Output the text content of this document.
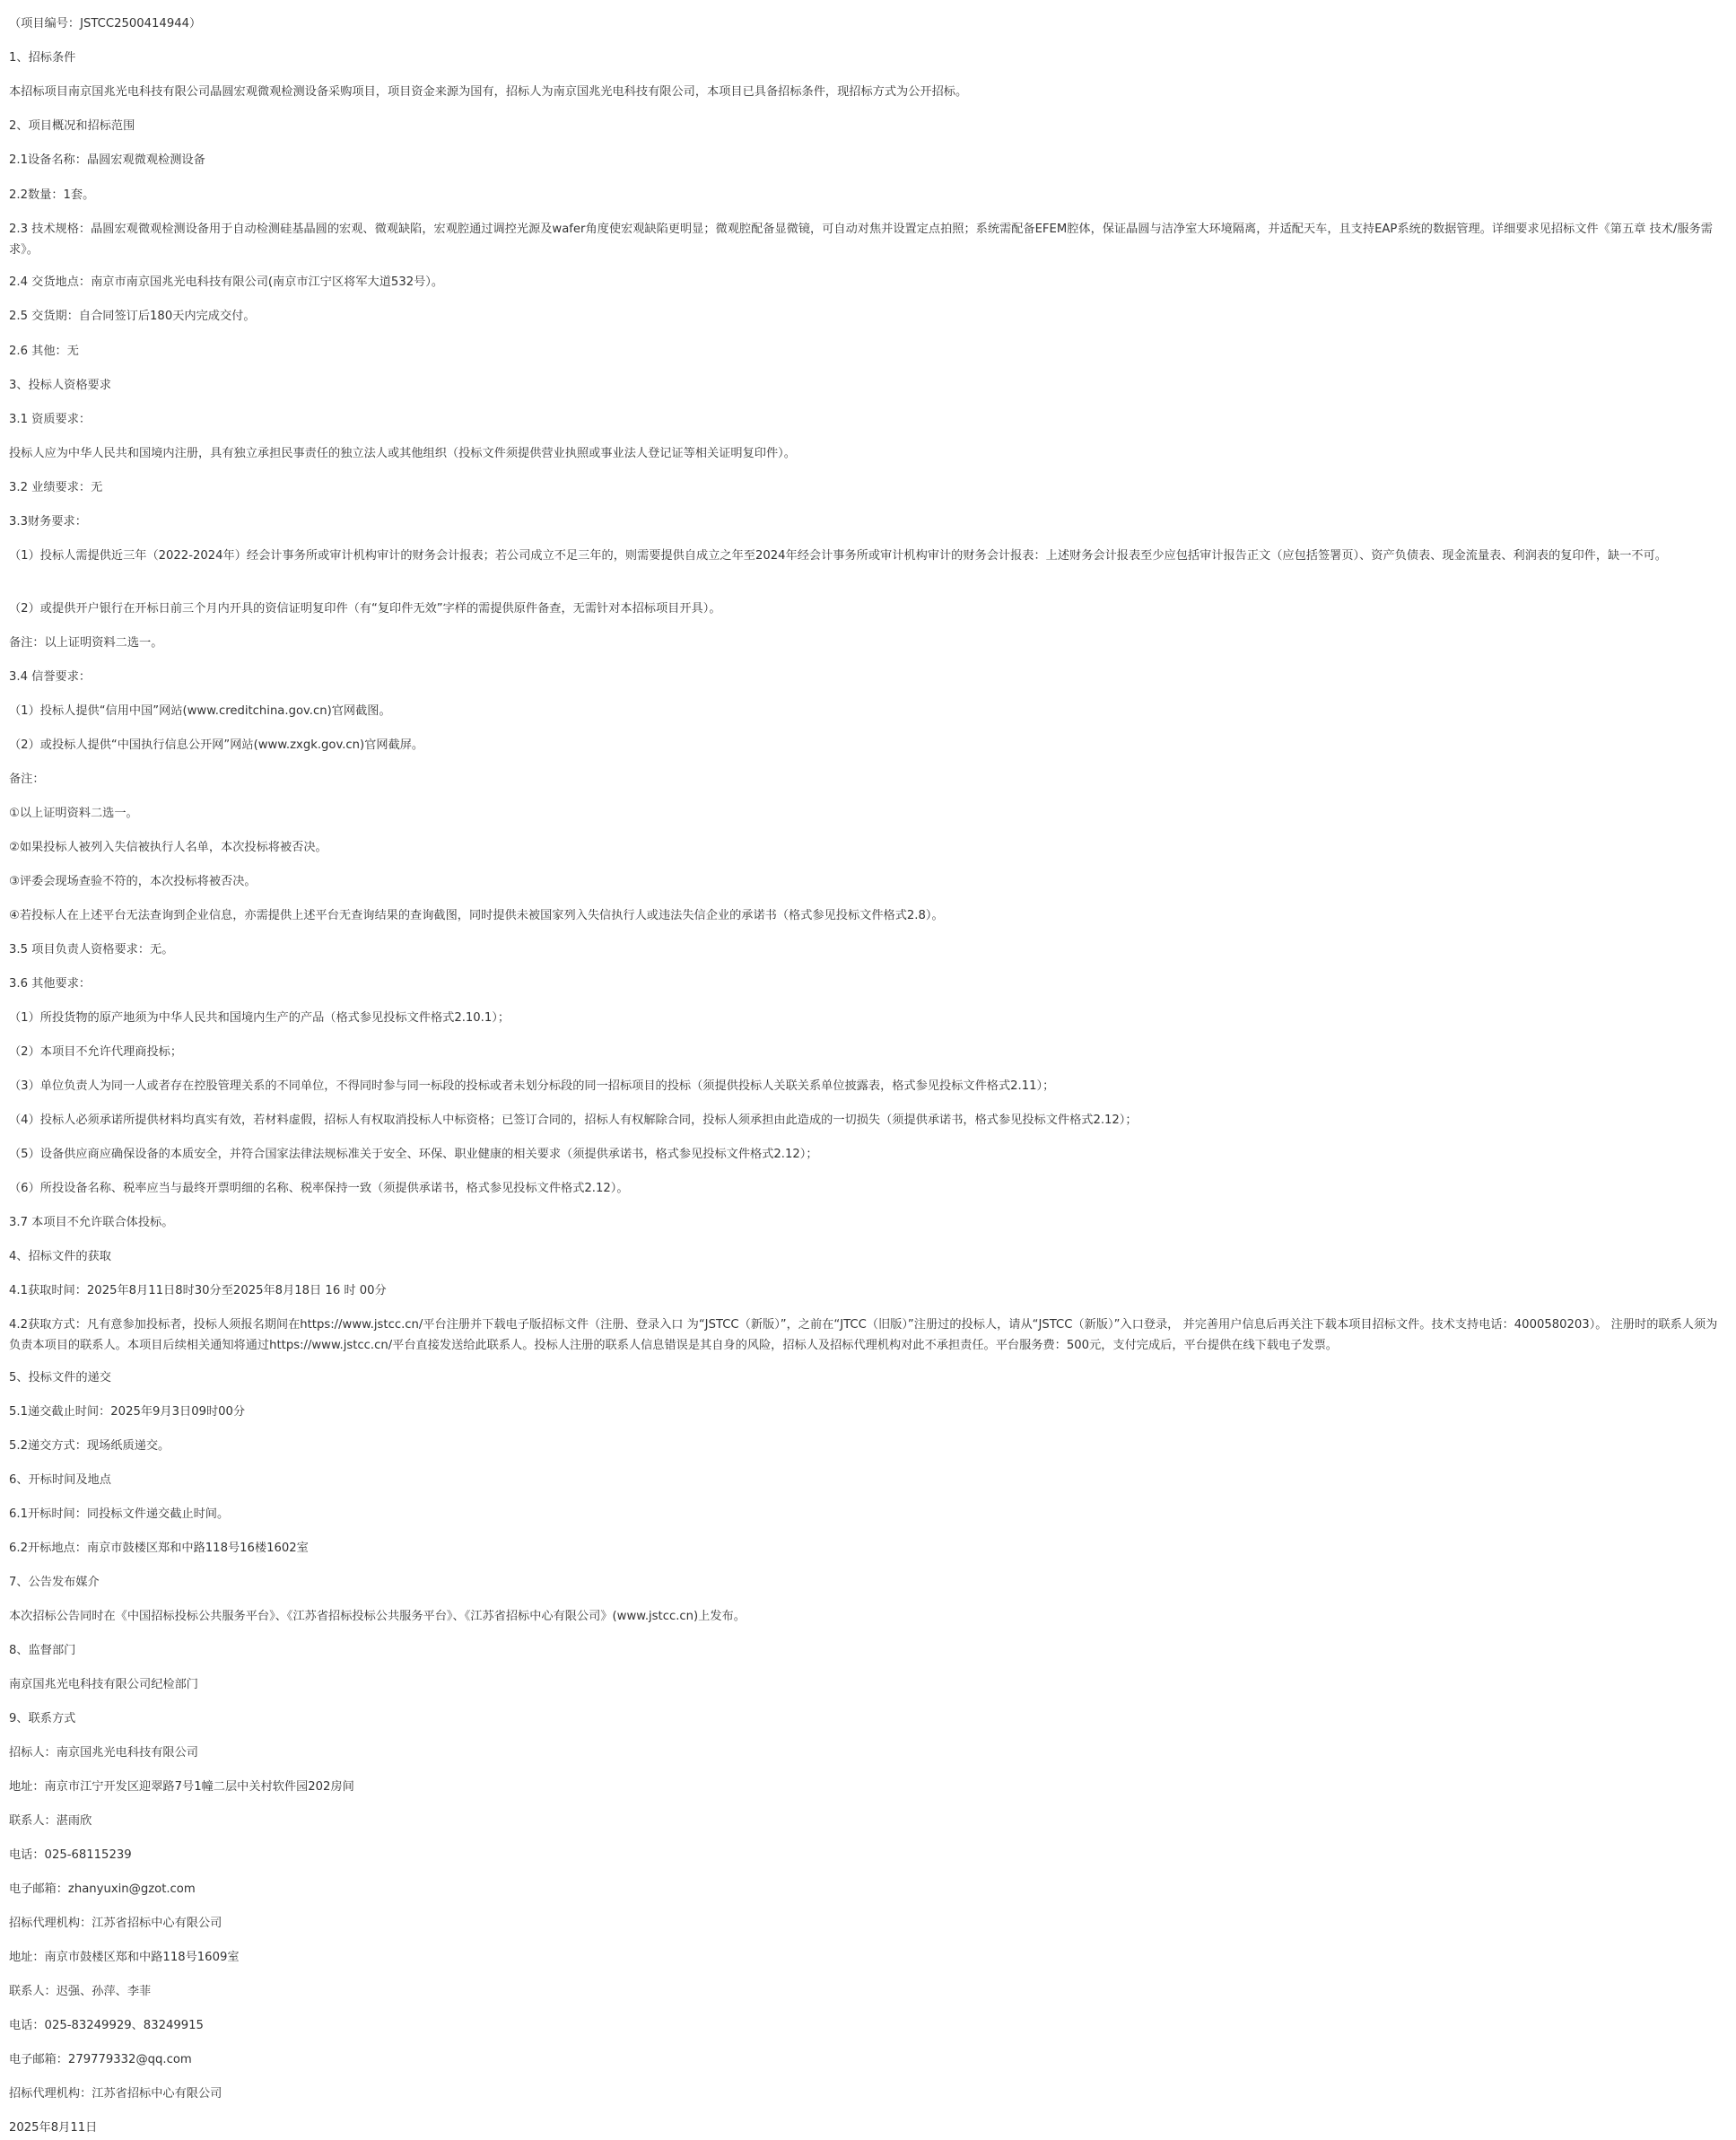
（项目编号：JSTCC2500414944）

1、招标条件

本招标项目南京国兆光电科技有限公司晶圆宏观微观检测设备采购项目，项目资金来源为国有，招标人为南京国兆光电科技有限公司，本项目已具备招标条件，现招标方式为公开招标。

2、项目概况和招标范围

2.1设备名称：晶圆宏观微观检测设备

2.2数量：1套。

2.3 技术规格：晶圆宏观微观检测设备用于自动检测硅基晶圆的宏观、微观缺陷，宏观腔通过调控光源及wafer角度使宏观缺陷更明显；微观腔配备显微镜，可自动对焦并设置定点拍照；系统需配备EFEM腔体，保证晶圆与洁净室大环境隔离，并适配天车，且支持EAP系统的数据管理。详细要求见招标文件《第五章 技术/服务需求》。

2.4 交货地点：南京市南京国兆光电科技有限公司(南京市江宁区将军大道532号）。

2.5 交货期：自合同签订后180天内完成交付。

2.6 其他：无

3、投标人资格要求

3.1 资质要求：

投标人应为中华人民共和国境内注册，具有独立承担民事责任的独立法人或其他组织（投标文件须提供营业执照或事业法人登记证等相关证明复印件）。

3.2 业绩要求：无

3.3财务要求：

（1）投标人需提供近三年（2022-2024年）经会计事务所或审计机构审计的财务会计报表；若公司成立不足三年的，则需要提供自成立之年至2024年经会计事务所或审计机构审计的财务会计报表：上述财务会计报表至少应包括审计报告正文（应包括签署页）、资产负债表、现金流量表、利润表的复印件，缺一不可。

（2）或提供开户银行在开标日前三个月内开具的资信证明复印件（有“复印件无效”字样的需提供原件备查，无需针对本招标项目开具）。

备注：以上证明资料二选一。

3.4 信誉要求：

（1）投标人提供“信用中国”网站(www.creditchina.gov.cn)官网截图。

（2）或投标人提供“中国执行信息公开网”网站(www.zxgk.gov.cn)官网截屏。

备注：

①以上证明资料二选一。

②如果投标人被列入失信被执行人名单，本次投标将被否决。

③评委会现场查验不符的，本次投标将被否决。

④若投标人在上述平台无法查询到企业信息，亦需提供上述平台无查询结果的查询截图，同时提供未被国家列入失信执行人或违法失信企业的承诺书（格式参见投标文件格式2.8）。

3.5 项目负责人资格要求：无。

3.6 其他要求：

（1）所投货物的原产地须为中华人民共和国境内生产的产品（格式参见投标文件格式2.10.1）；

（2）本项目不允许代理商投标；

（3）单位负责人为同一人或者存在控股管理关系的不同单位，不得同时参与同一标段的投标或者未划分标段的同一招标项目的投标（须提供投标人关联关系单位披露表，格式参见投标文件格式2.11）；

（4）投标人必须承诺所提供材料均真实有效，若材料虚假，招标人有权取消投标人中标资格；已签订合同的，招标人有权解除合同，投标人须承担由此造成的一切损失（须提供承诺书，格式参见投标文件格式2.12）；

（5）设备供应商应确保设备的本质安全，并符合国家法律法规标准关于安全、环保、职业健康的相关要求（须提供承诺书，格式参见投标文件格式2.12）；

（6）所投设备名称、税率应当与最终开票明细的名称、税率保持一致（须提供承诺书，格式参见投标文件格式2.12）。

3.7 本项目不允许联合体投标。

4、招标文件的获取

4.1获取时间：2025年8月11日8时30分至2025年8月18日 16 时 00分

4.2获取方式：凡有意参加投标者，投标人须报名期间在https://www.jstcc.cn/平台注册并下载电子版招标文件（注册、登录入口 为“JSTCC（新版）”，之前在“JTCC（旧版）”注册过的投标人，请从“JSTCC（新版）”入口登录， 并完善用户信息后再关注下载本项目招标文件。技术支持电话：4000580203）。 注册时的联系人须为负责本项目的联系人。本项目后续相关通知将通过https://www.jstcc.cn/平台直接发送给此联系人。投标人注册的联系人信息错误是其自身的风险，招标人及招标代理机构对此不承担责任。平台服务费：500元，支付完成后，平台提供在线下载电子发票。

5、投标文件的递交

5.1递交截止时间：2025年9月3日09时00分

5.2递交方式：现场纸质递交。

6、开标时间及地点

6.1开标时间：同投标文件递交截止时间。

6.2开标地点：南京市鼓楼区郑和中路118号16楼1602室

7、公告发布媒介

本次招标公告同时在《中国招标投标公共服务平台》、《江苏省招标投标公共服务平台》、《江苏省招标中心有限公司》(www.jstcc.cn)上发布。

8、监督部门

南京国兆光电科技有限公司纪检部门

9、联系方式

招标人：南京国兆光电科技有限公司

地址：南京市江宁开发区迎翠路7号1幢二层中关村软件园202房间

联系人：湛雨欣

电话：025-68115239

电子邮箱：zhanyuxin@gzot.com

招标代理机构：江苏省招标中心有限公司

地址：南京市鼓楼区郑和中路118号1609室

联系人：迟强、孙萍、李菲

电话：025-83249929、83249915

电子邮箱：279779332@qq.com

招标代理机构：江苏省招标中心有限公司

2025年8月11日
